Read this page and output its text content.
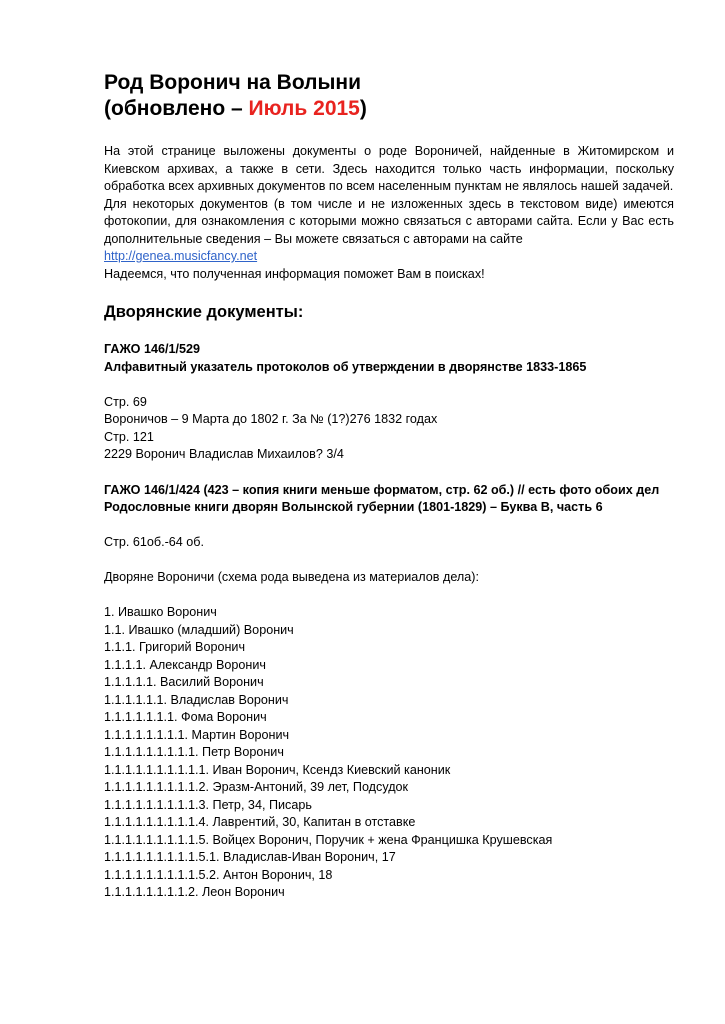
Род Воронич на Волыни
(обновлено – Июль 2015)

На этой странице выложены документы о роде Вороничей, найденные в Житомирском и Киевском архивах, а также в сети. Здесь находится только часть информации, поскольку обработка всех архивных документов по всем населенным пунктам не являлось нашей задачей.

Для некоторых документов (в том числе и не изложенных здесь в текстовом виде) имеются фотокопии, для ознакомления с которыми можно связаться с авторами сайта. Если у Вас есть дополнительные сведения – Вы можете связаться с авторами на сайте

http://genea.musicfancy.net

Надеемся, что полученная информация поможет Вам в поисках!

Дворянские документы:

ГАЖО 146/1/529

Алфавитный указатель протоколов об утверждении в дворянстве 1833-1865

Стр. 69

Вороничов – 9 Марта до 1802 г. За № (1?)276 1832 годах

Стр. 121

2229 Воронич Владислав Михаилов? 3/4

ГАЖО 146/1/424 (423 – копия книги меньше форматом, стр. 62 об.) // есть фото обоих дел

Родословные книги дворян Волынской губернии (1801-1829) – Буква В, часть 6

Стр. 61об.-64 об.

Дворяне Вороничи (схема рода выведена из материалов дела):

1. Ивашко Воронич

1.1. Ивашко (младший) Воронич

1.1.1. Григорий Воронич

1.1.1.1. Александр Воронич

1.1.1.1.1. Василий Воронич

1.1.1.1.1.1. Владислав Воронич

1.1.1.1.1.1.1. Фома Воронич

1.1.1.1.1.1.1.1. Мартин Воронич

1.1.1.1.1.1.1.1.1. Петр Воронич

1.1.1.1.1.1.1.1.1.1. Иван Воронич, Ксендз Киевский каноник

1.1.1.1.1.1.1.1.1.2. Эразм-Антоний, 39 лет, Подсудок

1.1.1.1.1.1.1.1.1.3. Петр, 34, Писарь

1.1.1.1.1.1.1.1.1.4. Лаврентий, 30, Капитан в отставке

1.1.1.1.1.1.1.1.1.5. Войцех Воронич, Поручик + жена Францишка Крушевская

1.1.1.1.1.1.1.1.1.5.1. Владислав-Иван Воронич, 17

1.1.1.1.1.1.1.1.1.5.2. Антон Воронич, 18

1.1.1.1.1.1.1.1.2. Леон Воронич
